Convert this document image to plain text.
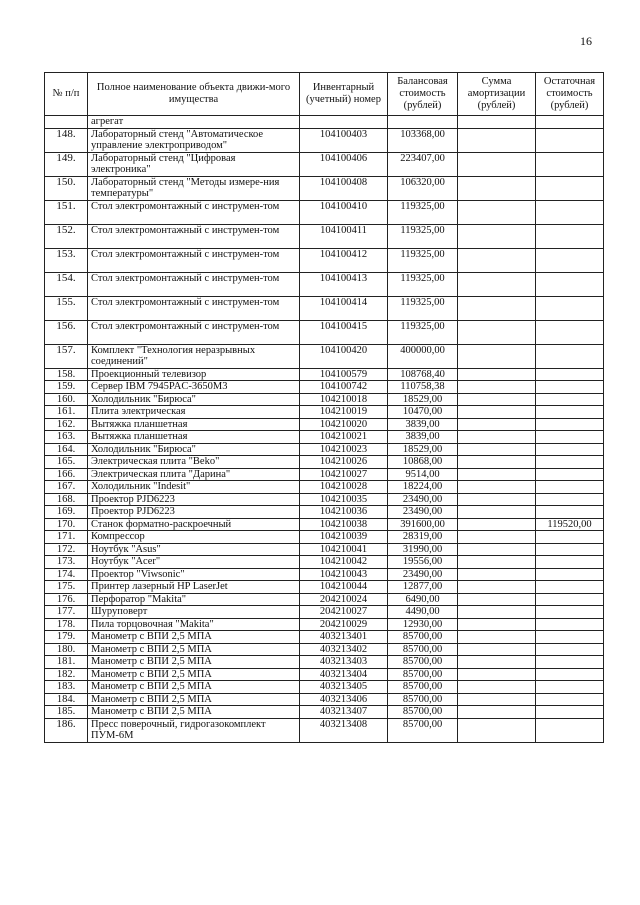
16
№ п/п	Полное наименование объекта движи-мого имущества	Инвентарный (учетный) номер	Балансовая стоимость (рублей)	Сумма амортизации (рублей)	Остаточная стоимость (рублей)
	агрегат				
148.	Лабораторный стенд "Автоматическое управление электроприводом"	104100403	103368,00		
149.	Лабораторный стенд "Цифровая электроника"	104100406	223407,00		
150.	Лабораторный стенд "Методы измере-ния температуры"	104100408	106320,00		
151.	Стол электромонтажный с инструмен-том	104100410	119325,00		
152.	Стол электромонтажный с инструмен-том	104100411	119325,00		
153.	Стол электромонтажный с инструмен-том	104100412	119325,00		
154.	Стол электромонтажный с инструмен-том	104100413	119325,00		
155.	Стол электромонтажный с инструмен-том	104100414	119325,00		
156.	Стол электромонтажный с инструмен-том	104100415	119325,00		
157.	Комплект "Технология неразрывных соединений"	104100420	400000,00		
158.	Проекционный телевизор	104100579	108768,40		
159.	Сервер IBM 7945PAC-3650M3	104100742	110758,38		
160.	Холодильник "Бирюса"	104210018	18529,00		
161.	Плита электрическая	104210019	10470,00		
162.	Вытяжка планшетная	104210020	3839,00		
163.	Вытяжка планшетная	104210021	3839,00		
164.	Холодильник "Бирюса"	104210023	18529,00		
165.	Электрическая плита "Beko"	104210026	10868,00		
166.	Электрическая плита "Дарина"	104210027	9514,00		
167.	Холодильник "Indesit"	104210028	18224,00		
168.	Проектор PJD6223	104210035	23490,00		
169.	Проектор PJD6223	104210036	23490,00		
170.	Станок форматно-раскроечный	104210038	391600,00		119520,00
171.	Компрессор	104210039	28319,00		
172.	Ноутбук "Asus"	104210041	31990,00		
173.	Ноутбук "Acer"	104210042	19556,00		
174.	Проектор "Viwsonic"	104210043	23490,00		
175.	Принтер лазерный HP LaserJet	104210044	12877,00		
176.	Перфоратор "Makita"	204210024	6490,00		
177.	Шуруповерт	204210027	4490,00		
178.	Пила торцовочная "Makita"	204210029	12930,00		
179.	Манометр с ВПИ 2,5 МПА	403213401	85700,00		
180.	Манометр с ВПИ 2,5 МПА	403213402	85700,00		
181.	Манометр с ВПИ 2,5 МПА	403213403	85700,00		
182.	Манометр с ВПИ 2,5 МПА	403213404	85700,00		
183.	Манометр с ВПИ 2,5 МПА	403213405	85700,00		
184.	Манометр с ВПИ 2,5 МПА	403213406	85700,00		
185.	Манометр с ВПИ 2,5 МПА	403213407	85700,00		
186.	Пресс поверочный, гидрогазокомплект ПУМ-6М	403213408	85700,00		
